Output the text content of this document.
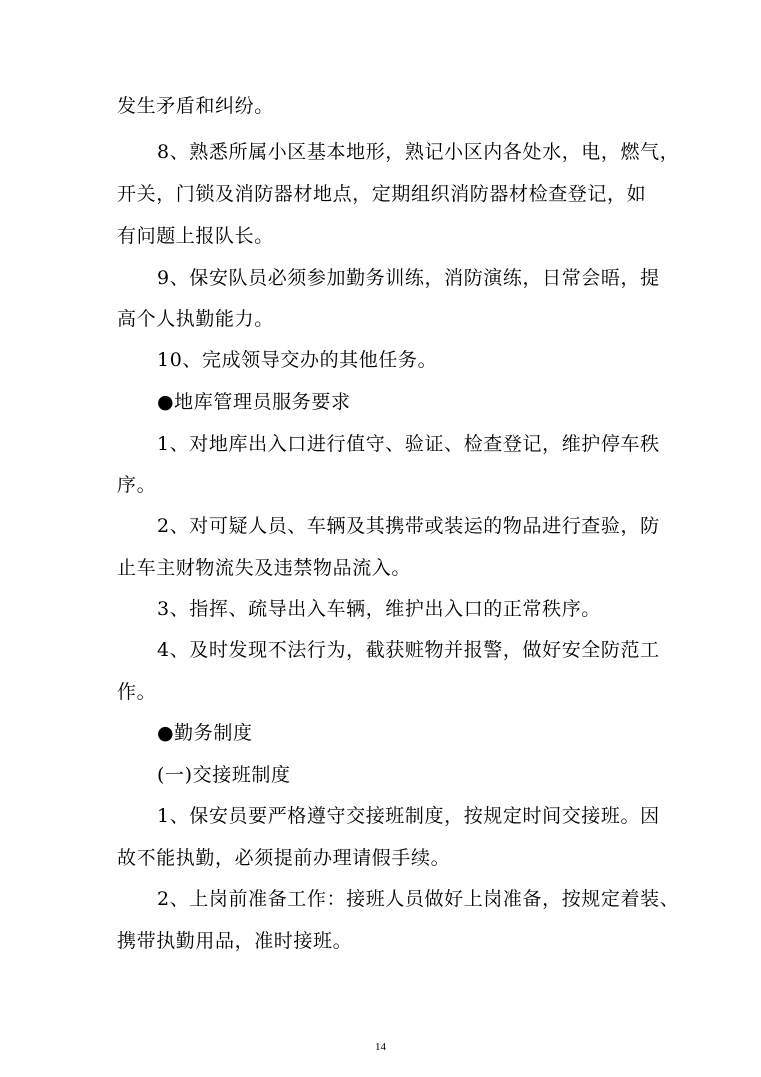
发生矛盾和纠纷。
8、熟悉所属小区基本地形，熟记小区内各处水，电，燃气，
开关，门锁及消防器材地点，定期组织消防器材检查登记，如
有问题上报队长。
9、保安队员必须参加勤务训练，消防演练，日常会晤，提
高个人执勤能力。
10、完成领导交办的其他任务。
●地库管理员服务要求
1、对地库出入口进行值守、验证、检查登记，维护停车秩
序。
2、对可疑人员、车辆及其携带或装运的物品进行查验，防
止车主财物流失及违禁物品流入。
3、指挥、疏导出入车辆，维护出入口的正常秩序。
4、及时发现不法行为，截获赃物并报警，做好安全防范工
作。
●勤务制度
(一)交接班制度
1、保安员要严格遵守交接班制度，按规定时间交接班。因
故不能执勤，必须提前办理请假手续。
2、上岗前准备工作：接班人员做好上岗准备，按规定着装、
携带执勤用品，准时接班。
14
